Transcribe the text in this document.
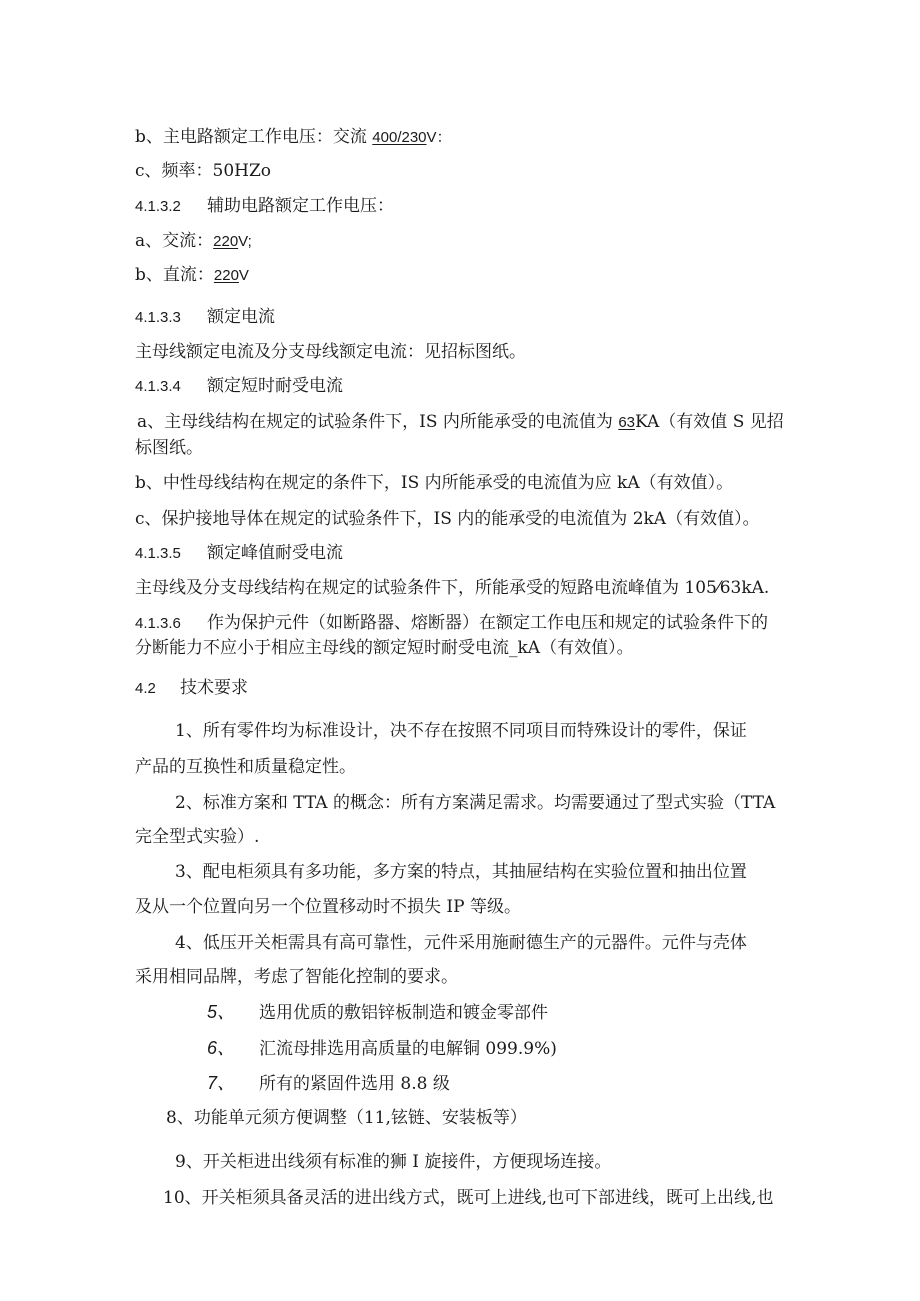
b、主电路额定工作电压：交流 400/230V：
c、频率：50HZo
4.1.3.2 辅助电路额定工作电压：
a、交流：220V;
b、直流：220V
4.1.3.3 额定电流
主母线额定电流及分支母线额定电流：见招标图纸。
4.1.3.4 额定短时耐受电流
a、主母线结构在规定的试验条件下，IS 内所能承受的电流值为 63KA（有效值 S 见招
标图纸。
b、中性母线结构在规定的条件下，IS 内所能承受的电流值为应 kA（有效值）。
c、保护接地导体在规定的试验条件下，IS 内的能承受的电流值为 2kA（有效值）。
4.1.3.5 额定峰值耐受电流
主母线及分支母线结构在规定的试验条件下，所能承受的短路电流峰值为 105⁄63kA.
4.1.3.6 作为保护元件（如断路器、熔断器）在额定工作电压和规定的试验条件下的
分断能力不应小于相应主母线的额定短时耐受电流_kA（有效值）。
4.2 技术要求
1、所有零件均为标准设计，决不存在按照不同项目而特殊设计的零件，保证
产品的互换性和质量稳定性。
2、标准方案和 TTA 的概念：所有方案满足需求。均需要通过了型式实验（TTA
完全型式实验）.
3、配电柜须具有多功能，多方案的特点，其抽屉结构在实验位置和抽出位置
及从一个位置向另一个位置移动时不损失 IP 等级。
4、低压开关柜需具有高可靠性，元件采用施耐德生产的元器件。元件与壳体
采用相同品牌，考虑了智能化控制的要求。
5、 选用优质的敷铝锌板制造和镀金零部件
6、 汇流母排选用高质量的电解铜 099.9%)
7、 所有的紧固件选用 8.8 级
8、功能单元须方便调整（11,铉链、安装板等）
9、开关柜进出线须有标准的狮 I 旋接件，方便现场连接。
10、开关柜须具备灵活的进出线方式，既可上进线,也可下部进线，既可上出线,也
